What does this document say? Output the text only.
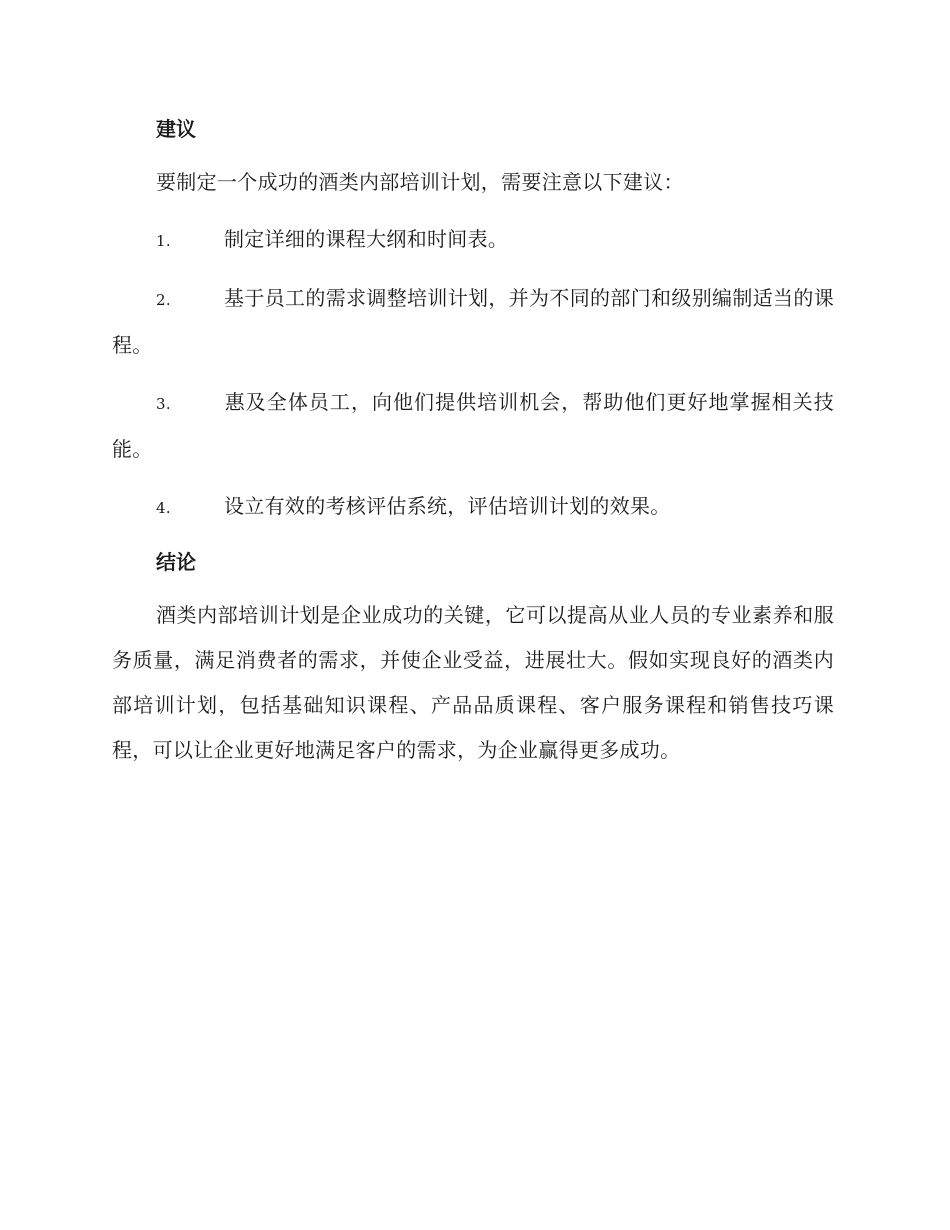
建议

要制定一个成功的酒类内部培训计划，需要注意以下建议：

1.	制定详细的课程大纲和时间表。

2.	基于员工的需求调整培训计划，并为不同的部门和级别编制适当的课程。

3.	惠及全体员工，向他们提供培训机会，帮助他们更好地掌握相关技能。

4.	设立有效的考核评估系统，评估培训计划的效果。

结论

酒类内部培训计划是企业成功的关键，它可以提高从业人员的专业素养和服务质量，满足消费者的需求，并使企业受益，进展壮大。假如实现良好的酒类内部培训计划，包括基础知识课程、产品品质课程、客户服务课程和销售技巧课程，可以让企业更好地满足客户的需求，为企业赢得更多成功。
